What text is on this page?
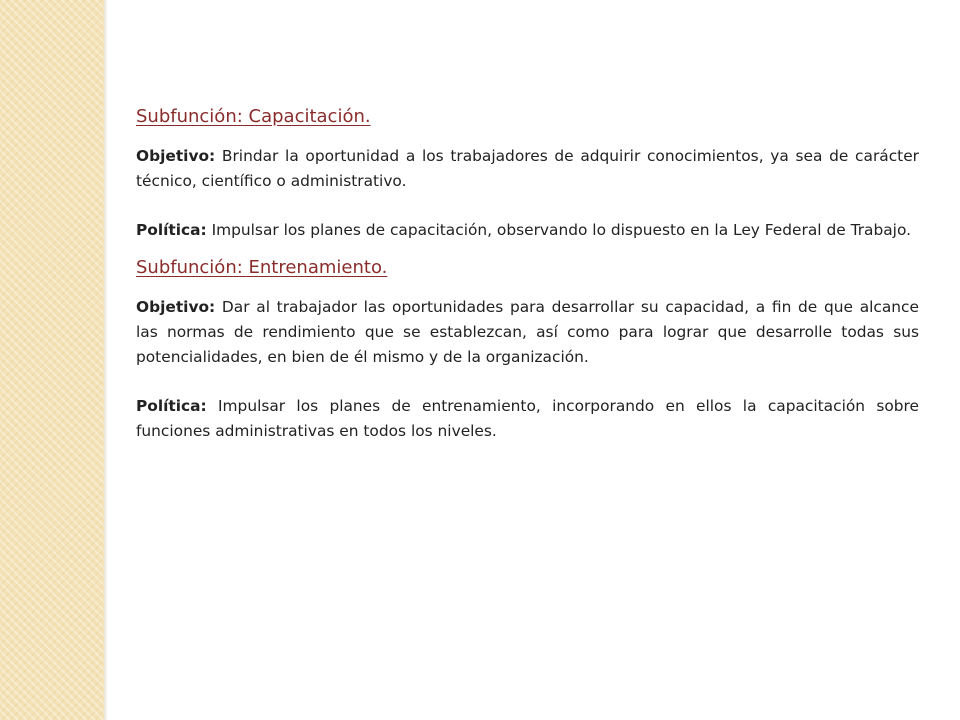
Subfunción: Capacitación.

Objetivo: Brindar la oportunidad a los trabajadores de adquirir conocimientos, ya sea de carácter técnico, científico o administrativo.

Política: Impulsar los planes de capacitación, observando lo dispuesto en la Ley Federal de Trabajo.

Subfunción: Entrenamiento.

Objetivo: Dar al trabajador las oportunidades para desarrollar su capacidad, a fin de que alcance las normas de rendimiento que se establezcan, así como para lograr que desarrolle todas sus potencialidades, en bien de él mismo y de la organización.

Política: Impulsar los planes de entrenamiento, incorporando en ellos la capacitación sobre funciones administrativas en todos los niveles.
